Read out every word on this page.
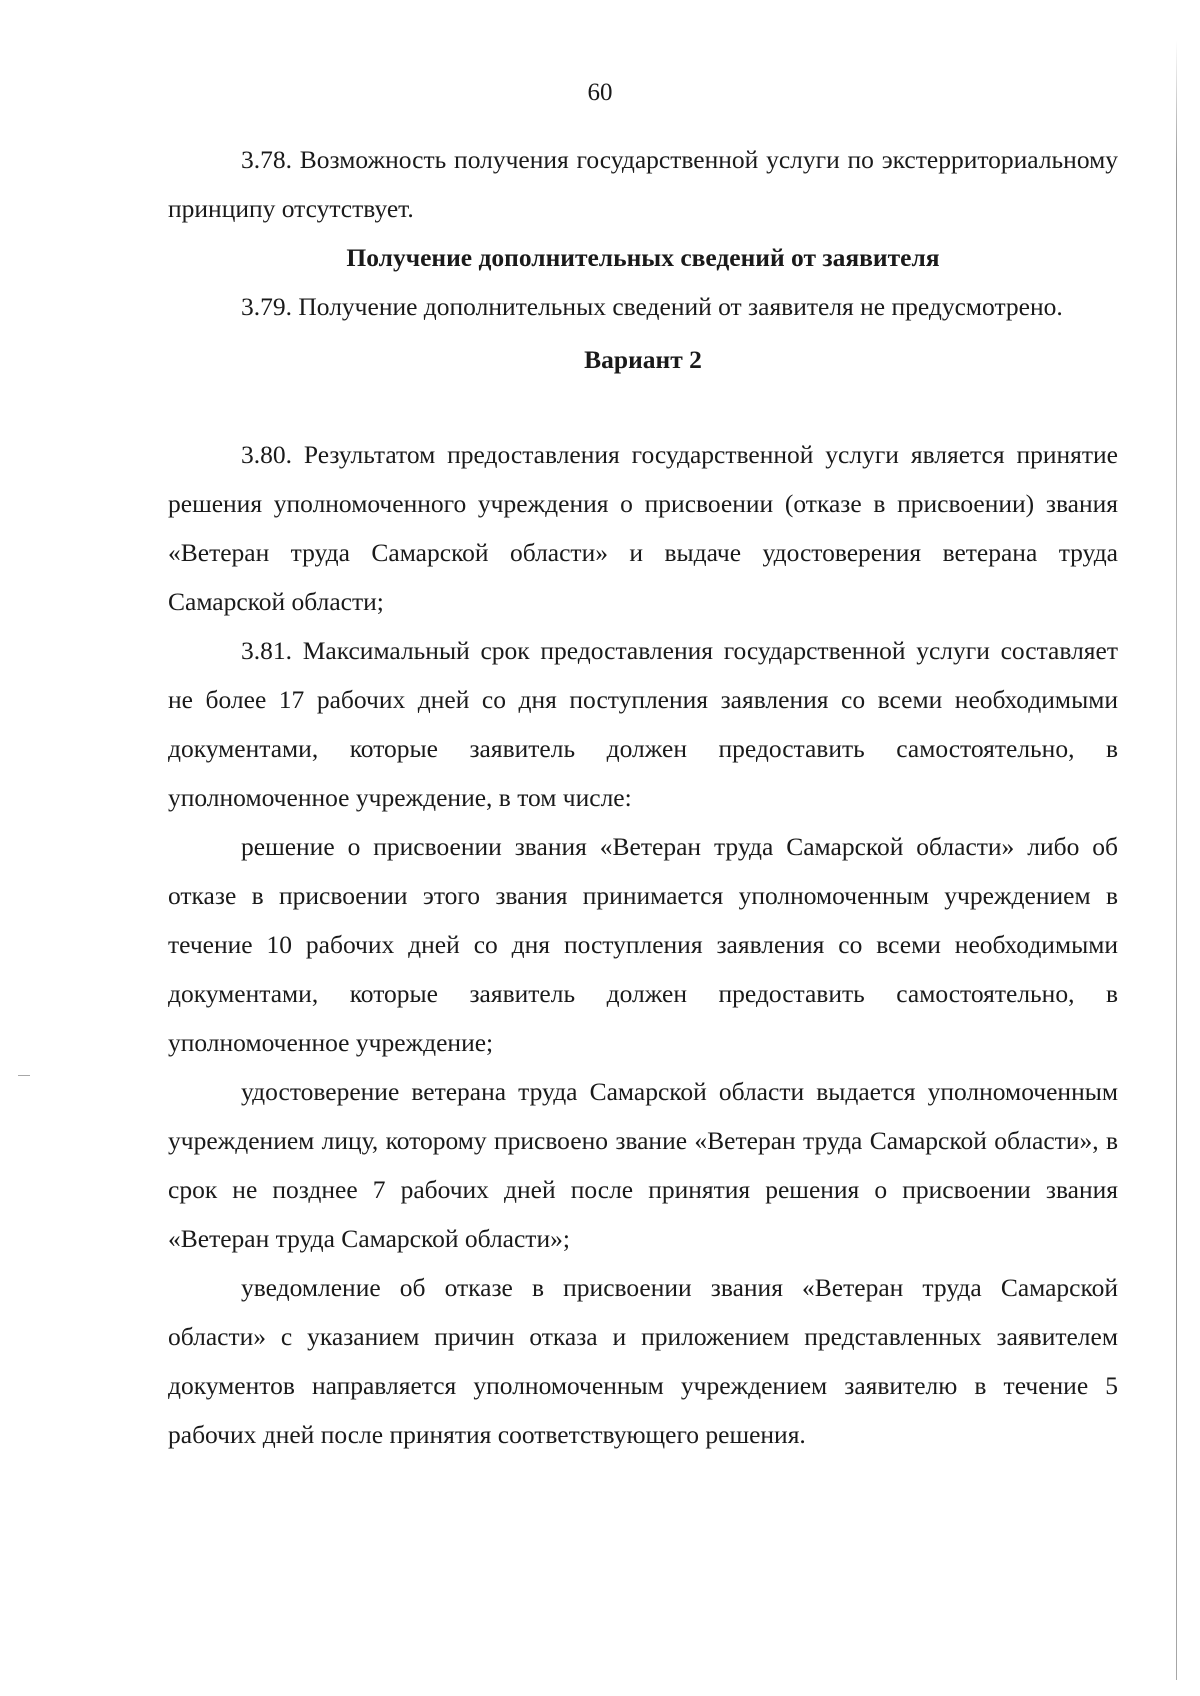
60

3.78. Возможность получения государственной услуги по экстерриториальному принципу отсутствует.

Получение дополнительных сведений от заявителя

3.79. Получение дополнительных сведений от заявителя не предусмотрено.

Вариант 2

3.80. Результатом предоставления государственной услуги является принятие решения уполномоченного учреждения о присвоении (отказе в присвоении) звания «Ветеран труда Самарской области» и выдаче удостоверения ветерана труда Самарской области;

3.81. Максимальный срок предоставления государственной услуги составляет не более 17 рабочих дней со дня поступления заявления со всеми необходимыми документами, которые заявитель должен предоставить самостоятельно, в уполномоченное учреждение, в том числе:

решение о присвоении звания «Ветеран труда Самарской области» либо об отказе в присвоении этого звания принимается уполномоченным учреждением в течение 10 рабочих дней со дня поступления заявления со всеми необходимыми документами, которые заявитель должен предоставить самостоятельно, в уполномоченное учреждение;

удостоверение ветерана труда Самарской области выдается уполномоченным учреждением лицу, которому присвоено звание «Ветеран труда Самарской области», в срок не позднее 7 рабочих дней после принятия решения о присвоении звания «Ветеран труда Самарской области»;

уведомление об отказе в присвоении звания «Ветеран труда Самарской области» с указанием причин отказа и приложением представленных заявителем документов направляется уполномоченным учреждением заявителю в течение 5 рабочих дней после принятия соответствующего решения.
